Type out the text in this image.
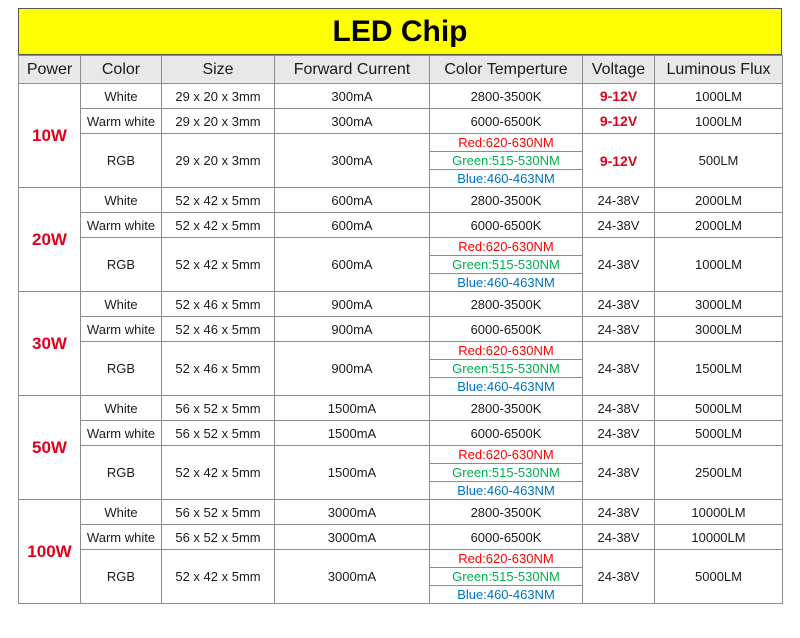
LED Chip
Power	Color	Size	Forward Current	Color Temperture	Voltage	Luminous Flux
10W	White	29 x 20 x 3mm	300mA	2800-3500K	9-12V	1000LM
	Warm white	29 x 20 x 3mm	300mA	6000-6500K	9-12V	1000LM
	RGB	29 x 20 x 3mm	300mA	Red:620-630NM	9-12V	500LM
				Green:515-530NM		
				Blue:460-463NM		
20W	White	52 x 42 x 5mm	600mA	2800-3500K	24-38V	2000LM
	Warm white	52 x 42 x 5mm	600mA	6000-6500K	24-38V	2000LM
	RGB	52 x 42 x 5mm	600mA	Red:620-630NM	24-38V	1000LM
				Green:515-530NM		
				Blue:460-463NM		
30W	White	52 x 46 x 5mm	900mA	2800-3500K	24-38V	3000LM
	Warm white	52 x 46 x 5mm	900mA	6000-6500K	24-38V	3000LM
	RGB	52 x 46 x 5mm	900mA	Red:620-630NM	24-38V	1500LM
				Green:515-530NM		
				Blue:460-463NM		
50W	White	56 x 52 x 5mm	1500mA	2800-3500K	24-38V	5000LM
	Warm white	56 x 52 x 5mm	1500mA	6000-6500K	24-38V	5000LM
	RGB	52 x 42 x 5mm	1500mA	Red:620-630NM	24-38V	2500LM
				Green:515-530NM		
				Blue:460-463NM		
100W	White	56 x 52 x 5mm	3000mA	2800-3500K	24-38V	10000LM
	Warm white	56 x 52 x 5mm	3000mA	6000-6500K	24-38V	10000LM
	RGB	52 x 42 x 5mm	3000mA	Red:620-630NM	24-38V	5000LM
				Green:515-530NM		
				Blue:460-463NM		
